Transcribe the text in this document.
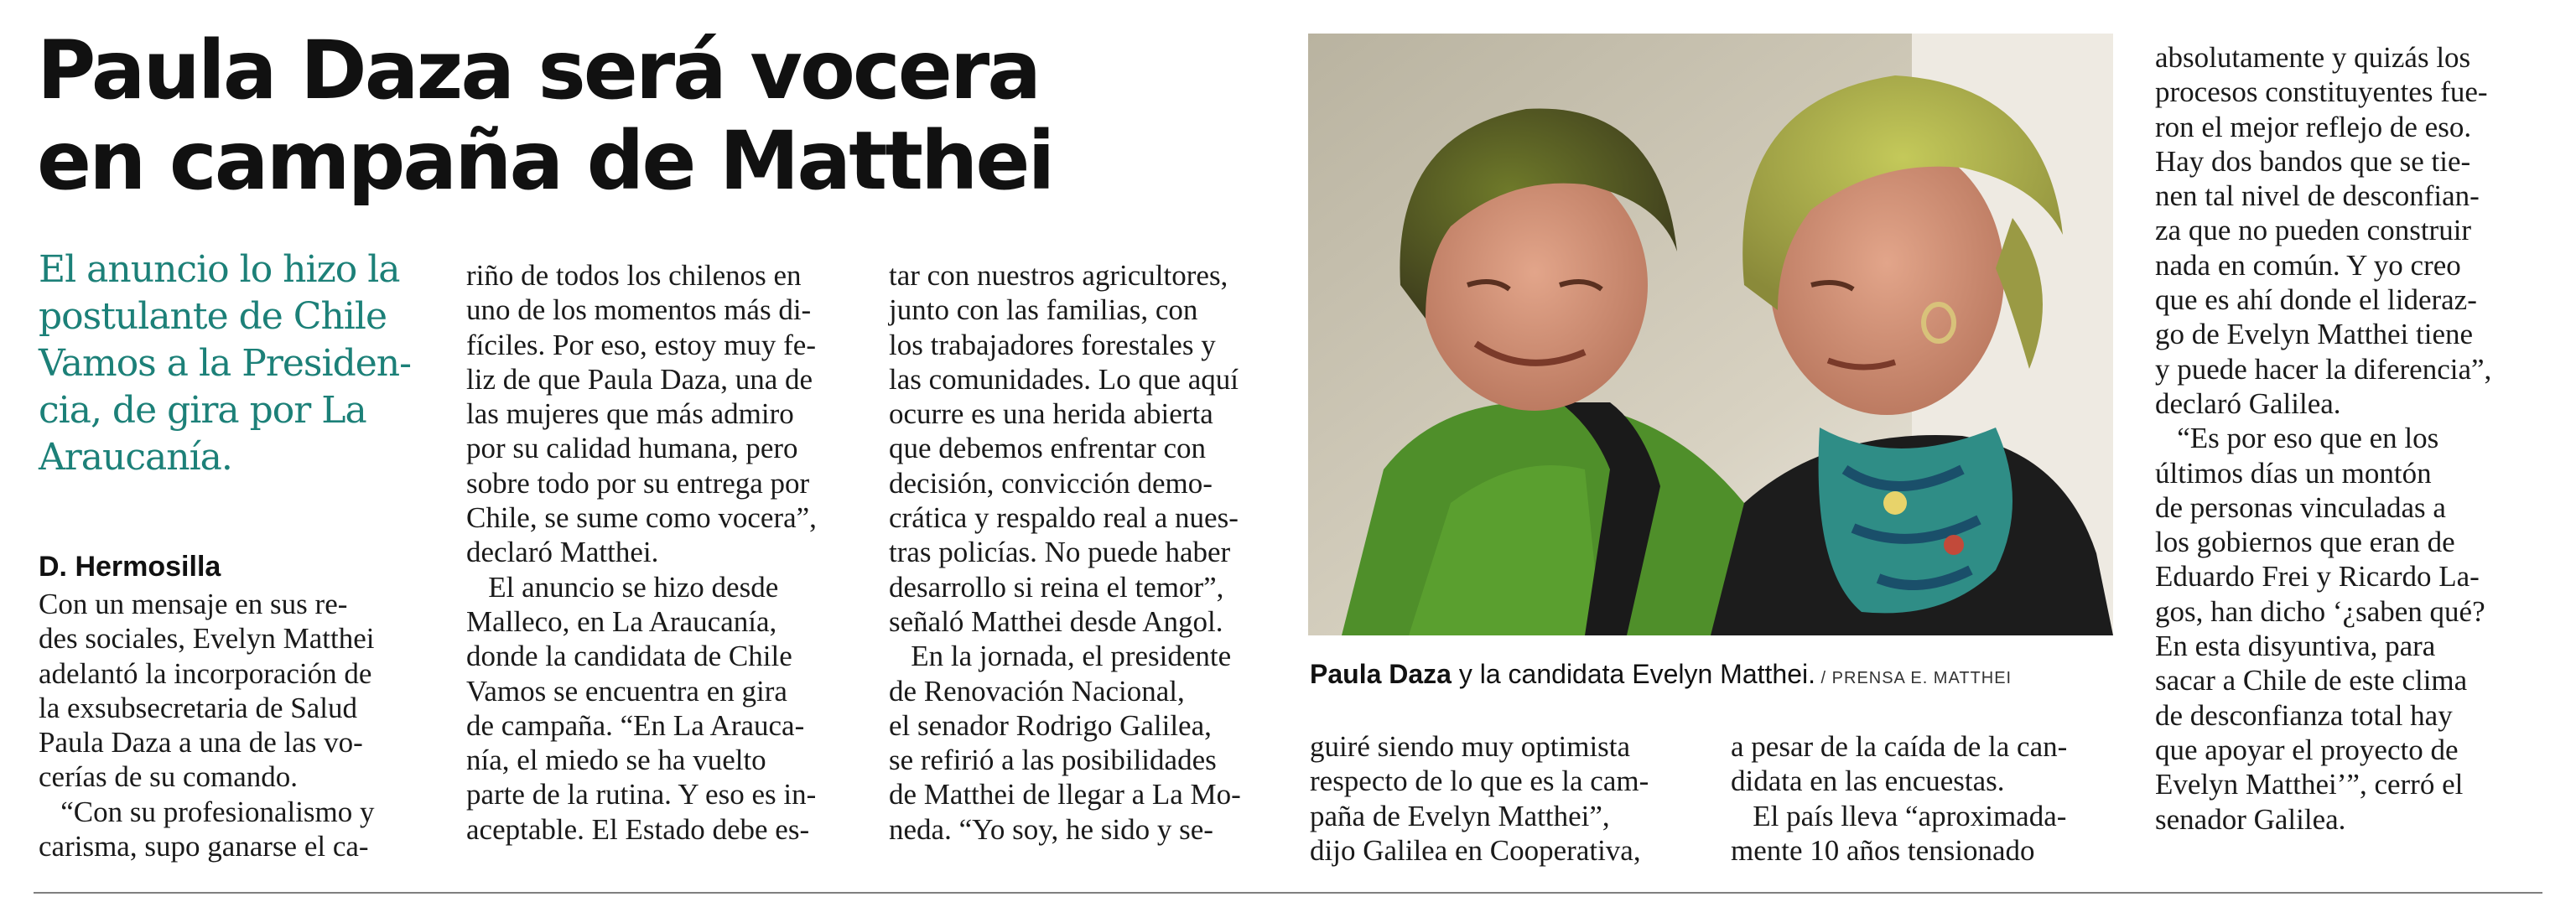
Paula Daza será vocera
en campaña de Matthei
El anuncio lo hizo la
postulante de Chile
Vamos a la Presiden-
cia, de gira por La
Araucanía.
D. Hermosilla
Con un mensaje en sus re-
des sociales, Evelyn Matthei
adelantó la incorporación de
la exsubsecretaria de Salud
Paula Daza a una de las vo-
cerías de su comando.
“Con su profesionalismo y
carisma, supo ganarse el ca-
riño de todos los chilenos en
uno de los momentos más di-
fíciles. Por eso, estoy muy fe-
liz de que Paula Daza, una de
las mujeres que más admiro
por su calidad humana, pero
sobre todo por su entrega por
Chile, se sume como vocera”,
declaró Matthei.
El anuncio se hizo desde
Malleco, en La Araucanía,
donde la candidata de Chile
Vamos se encuentra en gira
de campaña. “En La Arauca-
nía, el miedo se ha vuelto
parte de la rutina. Y eso es in-
aceptable. El Estado debe es-
tar con nuestros agricultores,
junto con las familias, con
los trabajadores forestales y
las comunidades. Lo que aquí
ocurre es una herida abierta
que debemos enfrentar con
decisión, convicción demo-
crática y respaldo real a nues-
tras policías. No puede haber
desarrollo si reina el temor”,
señaló Matthei desde Angol.
En la jornada, el presidente
de Renovación Nacional,
el senador Rodrigo Galilea,
se refirió a las posibilidades
de Matthei de llegar a La Mo-
neda. “Yo soy, he sido y se-
guiré siendo muy optimista
respecto de lo que es la cam-
paña de Evelyn Matthei”,
dijo Galilea en Cooperativa,
a pesar de la caída de la can-
didata en las encuestas.
El país lleva “aproximada-
mente 10 años tensionado
absolutamente y quizás los
procesos constituyentes fue-
ron el mejor reflejo de eso.
Hay dos bandos que se tie-
nen tal nivel de desconfian-
za que no pueden construir
nada en común. Y yo creo
que es ahí donde el lideraz-
go de Evelyn Matthei tiene
y puede hacer la diferencia”,
declaró Galilea.
“Es por eso que en los
últimos días un montón
de personas vinculadas a
los gobiernos que eran de
Eduardo Frei y Ricardo La-
gos, han dicho ‘¿saben qué?
En esta disyuntiva, para
sacar a Chile de este clima
de desconfianza total hay
que apoyar el proyecto de
Evelyn Matthei’”, cerró el
senador Galilea.
Paula Daza y la candidata Evelyn Matthei. / PRENSA E. MATTHEI
